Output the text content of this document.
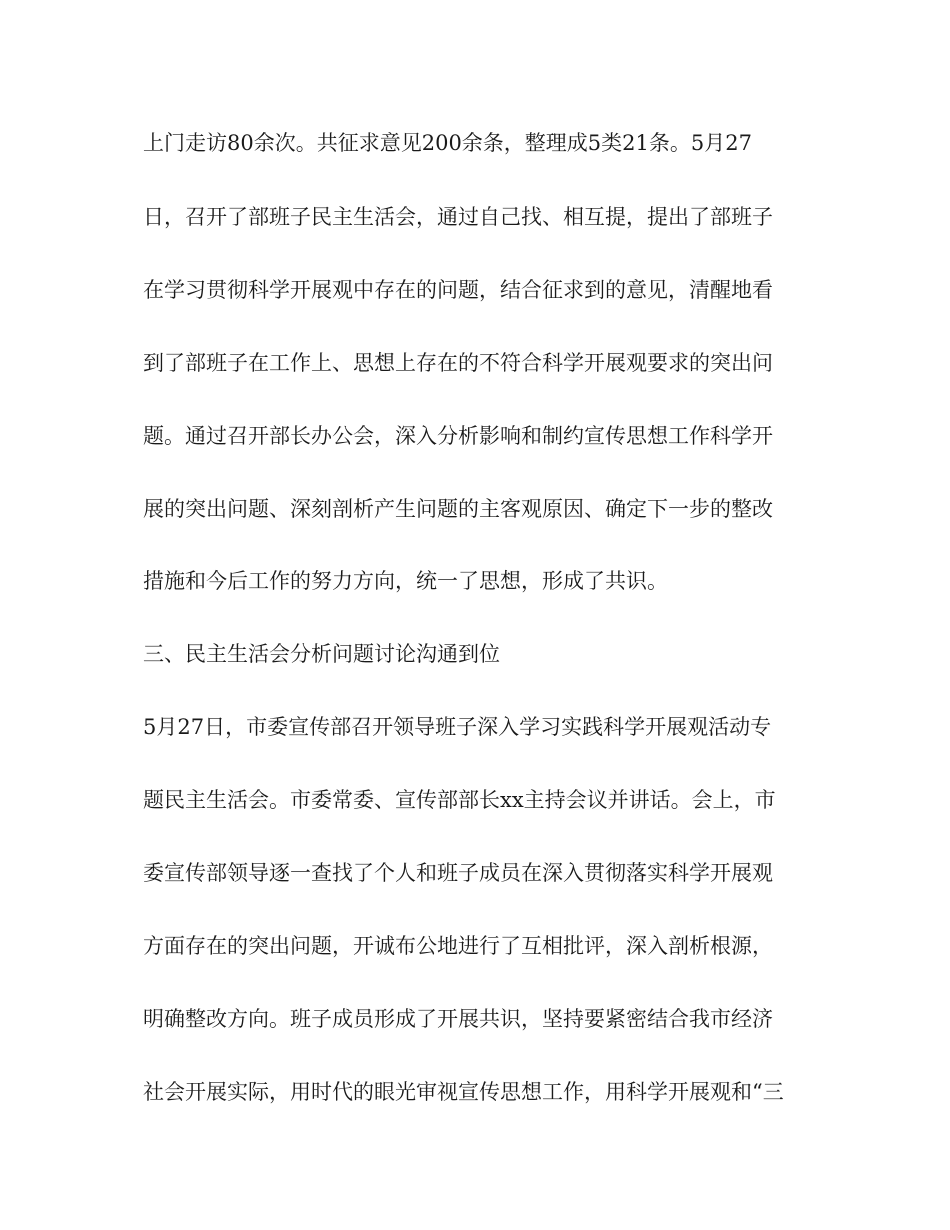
上门走访80余次。共征求意见200余条，整理成5类21条。5月27
日，召开了部班子民主生活会，通过自己找、相互提，提出了部班子
在学习贯彻科学开展观中存在的问题，结合征求到的意见，清醒地看
到了部班子在工作上、思想上存在的不符合科学开展观要求的突出问
题。通过召开部长办公会，深入分析影响和制约宣传思想工作科学开
展的突出问题、深刻剖析产生问题的主客观原因、确定下一步的整改
措施和今后工作的努力方向，统一了思想，形成了共识。
三、民主生活会分析问题讨论沟通到位
5月27日，市委宣传部召开领导班子深入学习实践科学开展观活动专
题民主生活会。市委常委、宣传部部长xx主持会议并讲话。会上，市
委宣传部领导逐一查找了个人和班子成员在深入贯彻落实科学开展观
方面存在的突出问题，开诚布公地进行了互相批评，深入剖析根源，
明确整改方向。班子成员形成了开展共识，坚持要紧密结合我市经济
社会开展实际，用时代的眼光审视宣传思想工作，用科学开展观和“三
